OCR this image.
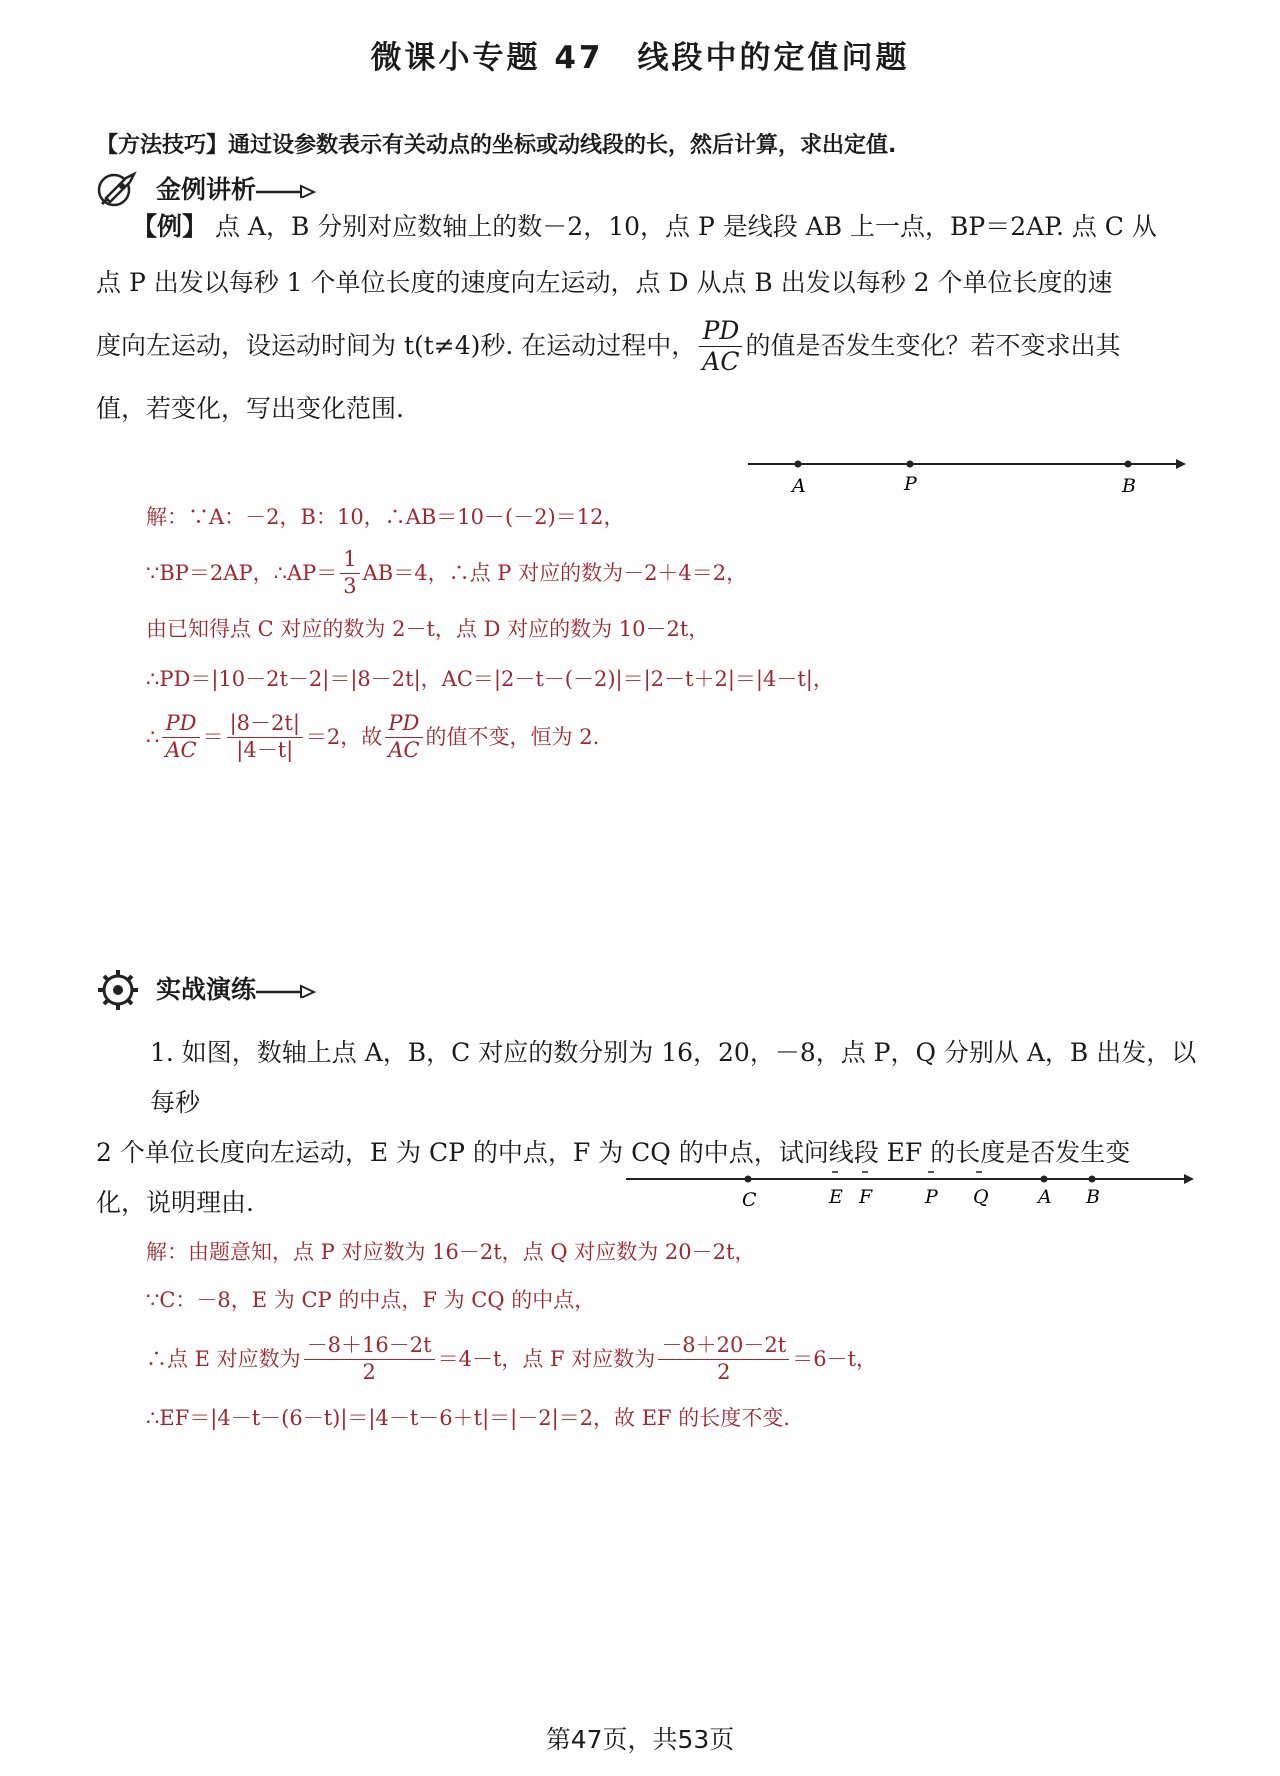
微课小专题 47　线段中的定值问题
【方法技巧】通过设参数表示有关动点的坐标或动线段的长，然后计算，求出定值.
金例讲析
【例】 点 A，B 分别对应数轴上的数－2，10，点 P 是线段 AB 上一点，BP＝2AP. 点 C 从
点 P 出发以每秒 1 个单位长度的速度向左运动，点 D 从点 B 出发以每秒 2 个单位长度的速
度向左运动，设运动时间为 t(t≠4)秒. 在运动过程中， $\frac{PD}{AC}$ 的值是否发生变化？若不变求出其
值，若变化，写出变化范围.
A	P	B
解：∵A：－2，B：10，∴AB＝10－(－2)＝12，
∵BP＝2AP，∴AP＝ $\frac{1}{3} AB=4$，∴点 P 对应的数为－2＋4＝2，
由已知得点 C 对应的数为 2－t，点 D 对应的数为 10－2t，
∴PD＝|10－2t－2|＝|8－2t|，AC＝|2－t－(－2)|＝|2－t＋2|＝|4－t|，
∴ $\frac{PD}{AC} = \frac{|8-2t|}{|4-t|} =2$，故 $\frac{PD}{AC}$ 的值不变，恒为 2.
实战演练
1. 如图，数轴上点 A，B，C 对应的数分别为 16，20，－8，点 P，Q 分别从 A，B 出发，以每秒
2 个单位长度向左运动，E 为 CP 的中点，F 为 CQ 的中点，试问线段 EF 的长度是否发生变
化，说明理由.	C	E F	P Q	A B
解：由题意知，点 P 对应数为 16－2t，点 Q 对应数为 20－2t，
∵C：－8，E 为 CP 的中点，F 为 CQ 的中点，
∴点 E 对应数为 $\frac{-8+16-2t}{2} =4-t$，点 F 对应数为 $\frac{-8+20-2t}{2} =6-t$，
∴EF＝|4－t－(6－t)|＝|4－t－6＋t|＝|－2|＝2，故 EF 的长度不变.
第47页，共53页
